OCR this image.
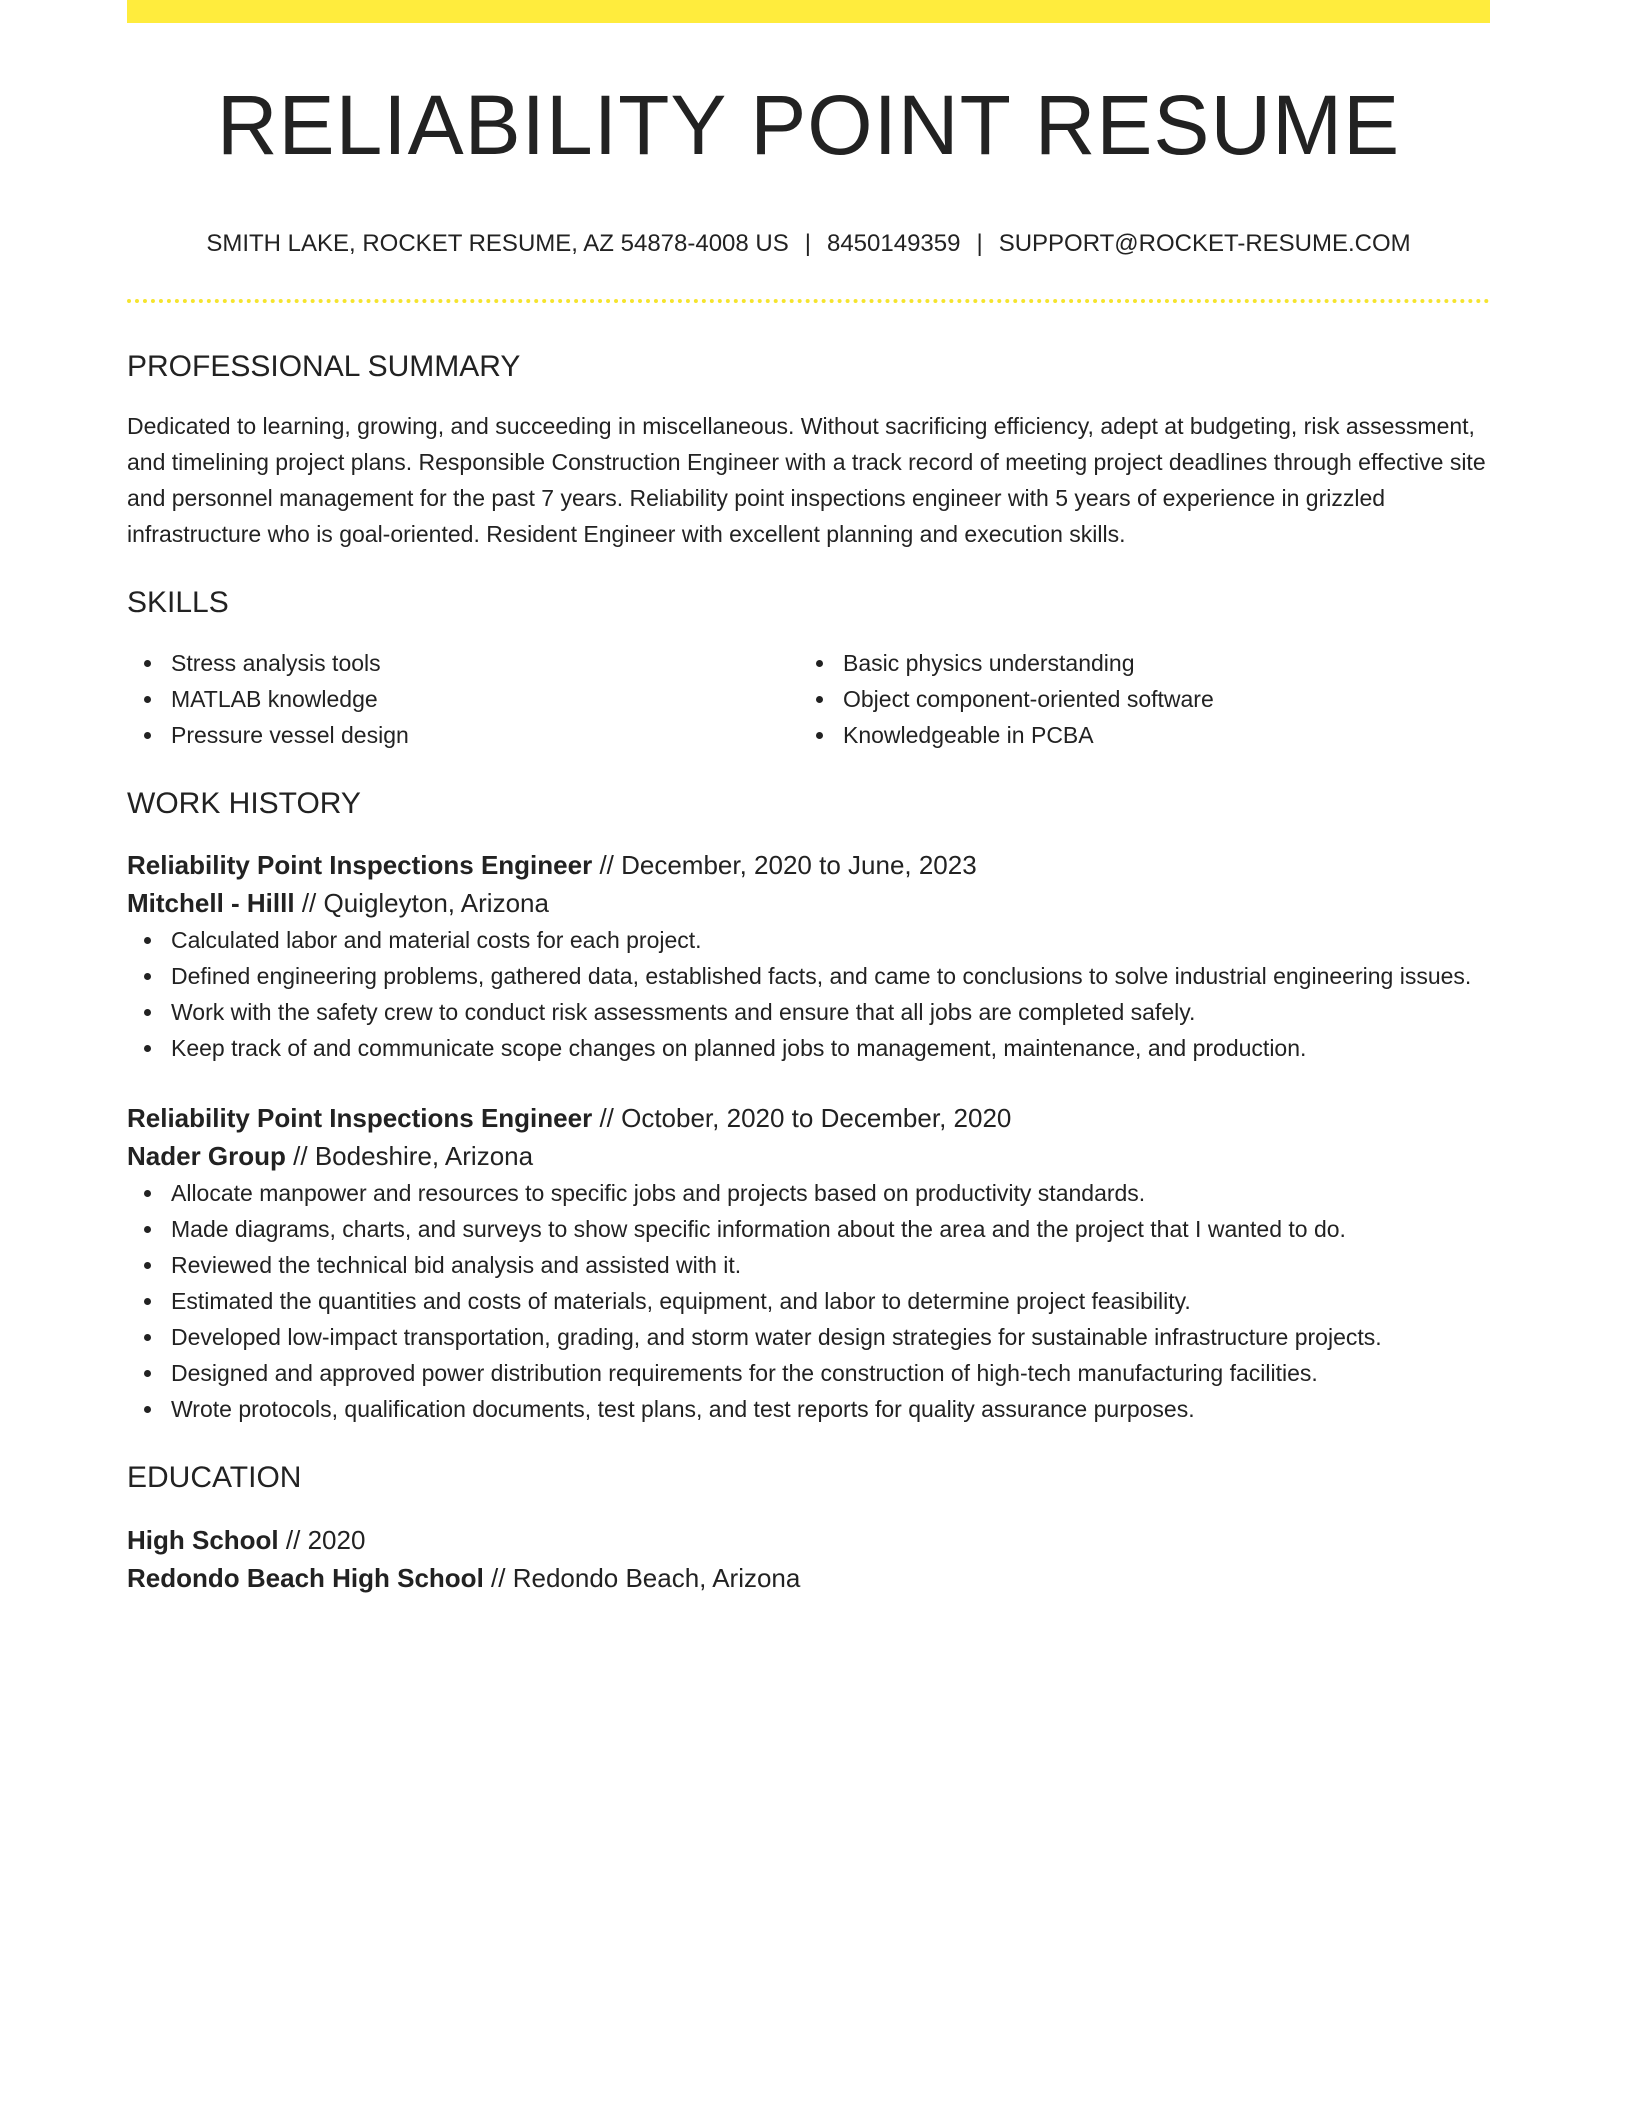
RELIABILITY POINT RESUME
SMITH LAKE, ROCKET RESUME, AZ 54878-4008 US | 8450149359 | SUPPORT@ROCKET-RESUME.COM
PROFESSIONAL SUMMARY
Dedicated to learning, growing, and succeeding in miscellaneous. Without sacrificing efficiency, adept at budgeting, risk assessment, and timelining project plans. Responsible Construction Engineer with a track record of meeting project deadlines through effective site and personnel management for the past 7 years. Reliability point inspections engineer with 5 years of experience in grizzled infrastructure who is goal-oriented. Resident Engineer with excellent planning and execution skills.
SKILLS
Stress analysis tools
MATLAB knowledge
Pressure vessel design
Basic physics understanding
Object component-oriented software
Knowledgeable in PCBA
WORK HISTORY
Reliability Point Inspections Engineer // December, 2020 to June, 2023
Mitchell - Hilll // Quigleyton, Arizona
Calculated labor and material costs for each project.
Defined engineering problems, gathered data, established facts, and came to conclusions to solve industrial engineering issues.
Work with the safety crew to conduct risk assessments and ensure that all jobs are completed safely.
Keep track of and communicate scope changes on planned jobs to management, maintenance, and production.
Reliability Point Inspections Engineer // October, 2020 to December, 2020
Nader Group // Bodeshire, Arizona
Allocate manpower and resources to specific jobs and projects based on productivity standards.
Made diagrams, charts, and surveys to show specific information about the area and the project that I wanted to do.
Reviewed the technical bid analysis and assisted with it.
Estimated the quantities and costs of materials, equipment, and labor to determine project feasibility.
Developed low-impact transportation, grading, and storm water design strategies for sustainable infrastructure projects.
Designed and approved power distribution requirements for the construction of high-tech manufacturing facilities.
Wrote protocols, qualification documents, test plans, and test reports for quality assurance purposes.
EDUCATION
High School // 2020
Redondo Beach High School // Redondo Beach, Arizona
